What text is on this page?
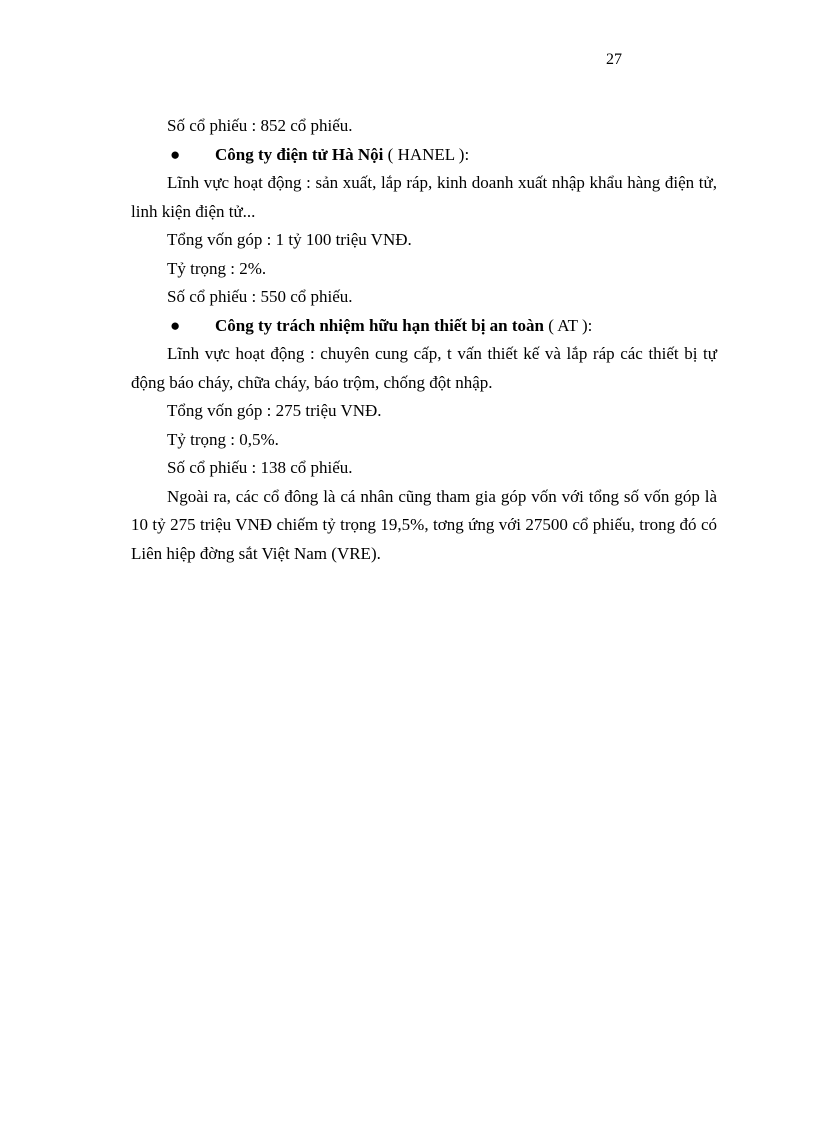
27

Số cổ phiếu : 852 cổ phiếu.

● Công ty điện tử Hà Nội ( HANEL ):

Lĩnh vực hoạt động : sản xuất, lắp ráp, kinh doanh xuất nhập khẩu hàng điện tử, linh kiện điện tử...

Tổng vốn góp : 1 tỷ 100 triệu VNĐ.

Tỷ trọng : 2%.

Số cổ phiếu : 550 cổ phiếu.

● Công ty trách nhiệm hữu hạn thiết bị an toàn ( AT ):

Lĩnh vực hoạt động : chuyên cung cấp, t vấn thiết kế và lắp ráp các thiết bị tự động báo cháy, chữa cháy, báo trộm, chống đột nhập.

Tổng vốn góp : 275 triệu VNĐ.

Tỷ trọng : 0,5%.

Số cổ phiếu : 138 cổ phiếu.

Ngoài ra, các cổ đông là cá nhân cũng tham gia góp vốn với tổng số vốn góp là 10 tỷ 275 triệu VNĐ chiếm tỷ trọng 19,5%, tơng ứng với 27500 cổ phiếu, trong đó có Liên hiệp đờng sắt Việt Nam (VRE).
